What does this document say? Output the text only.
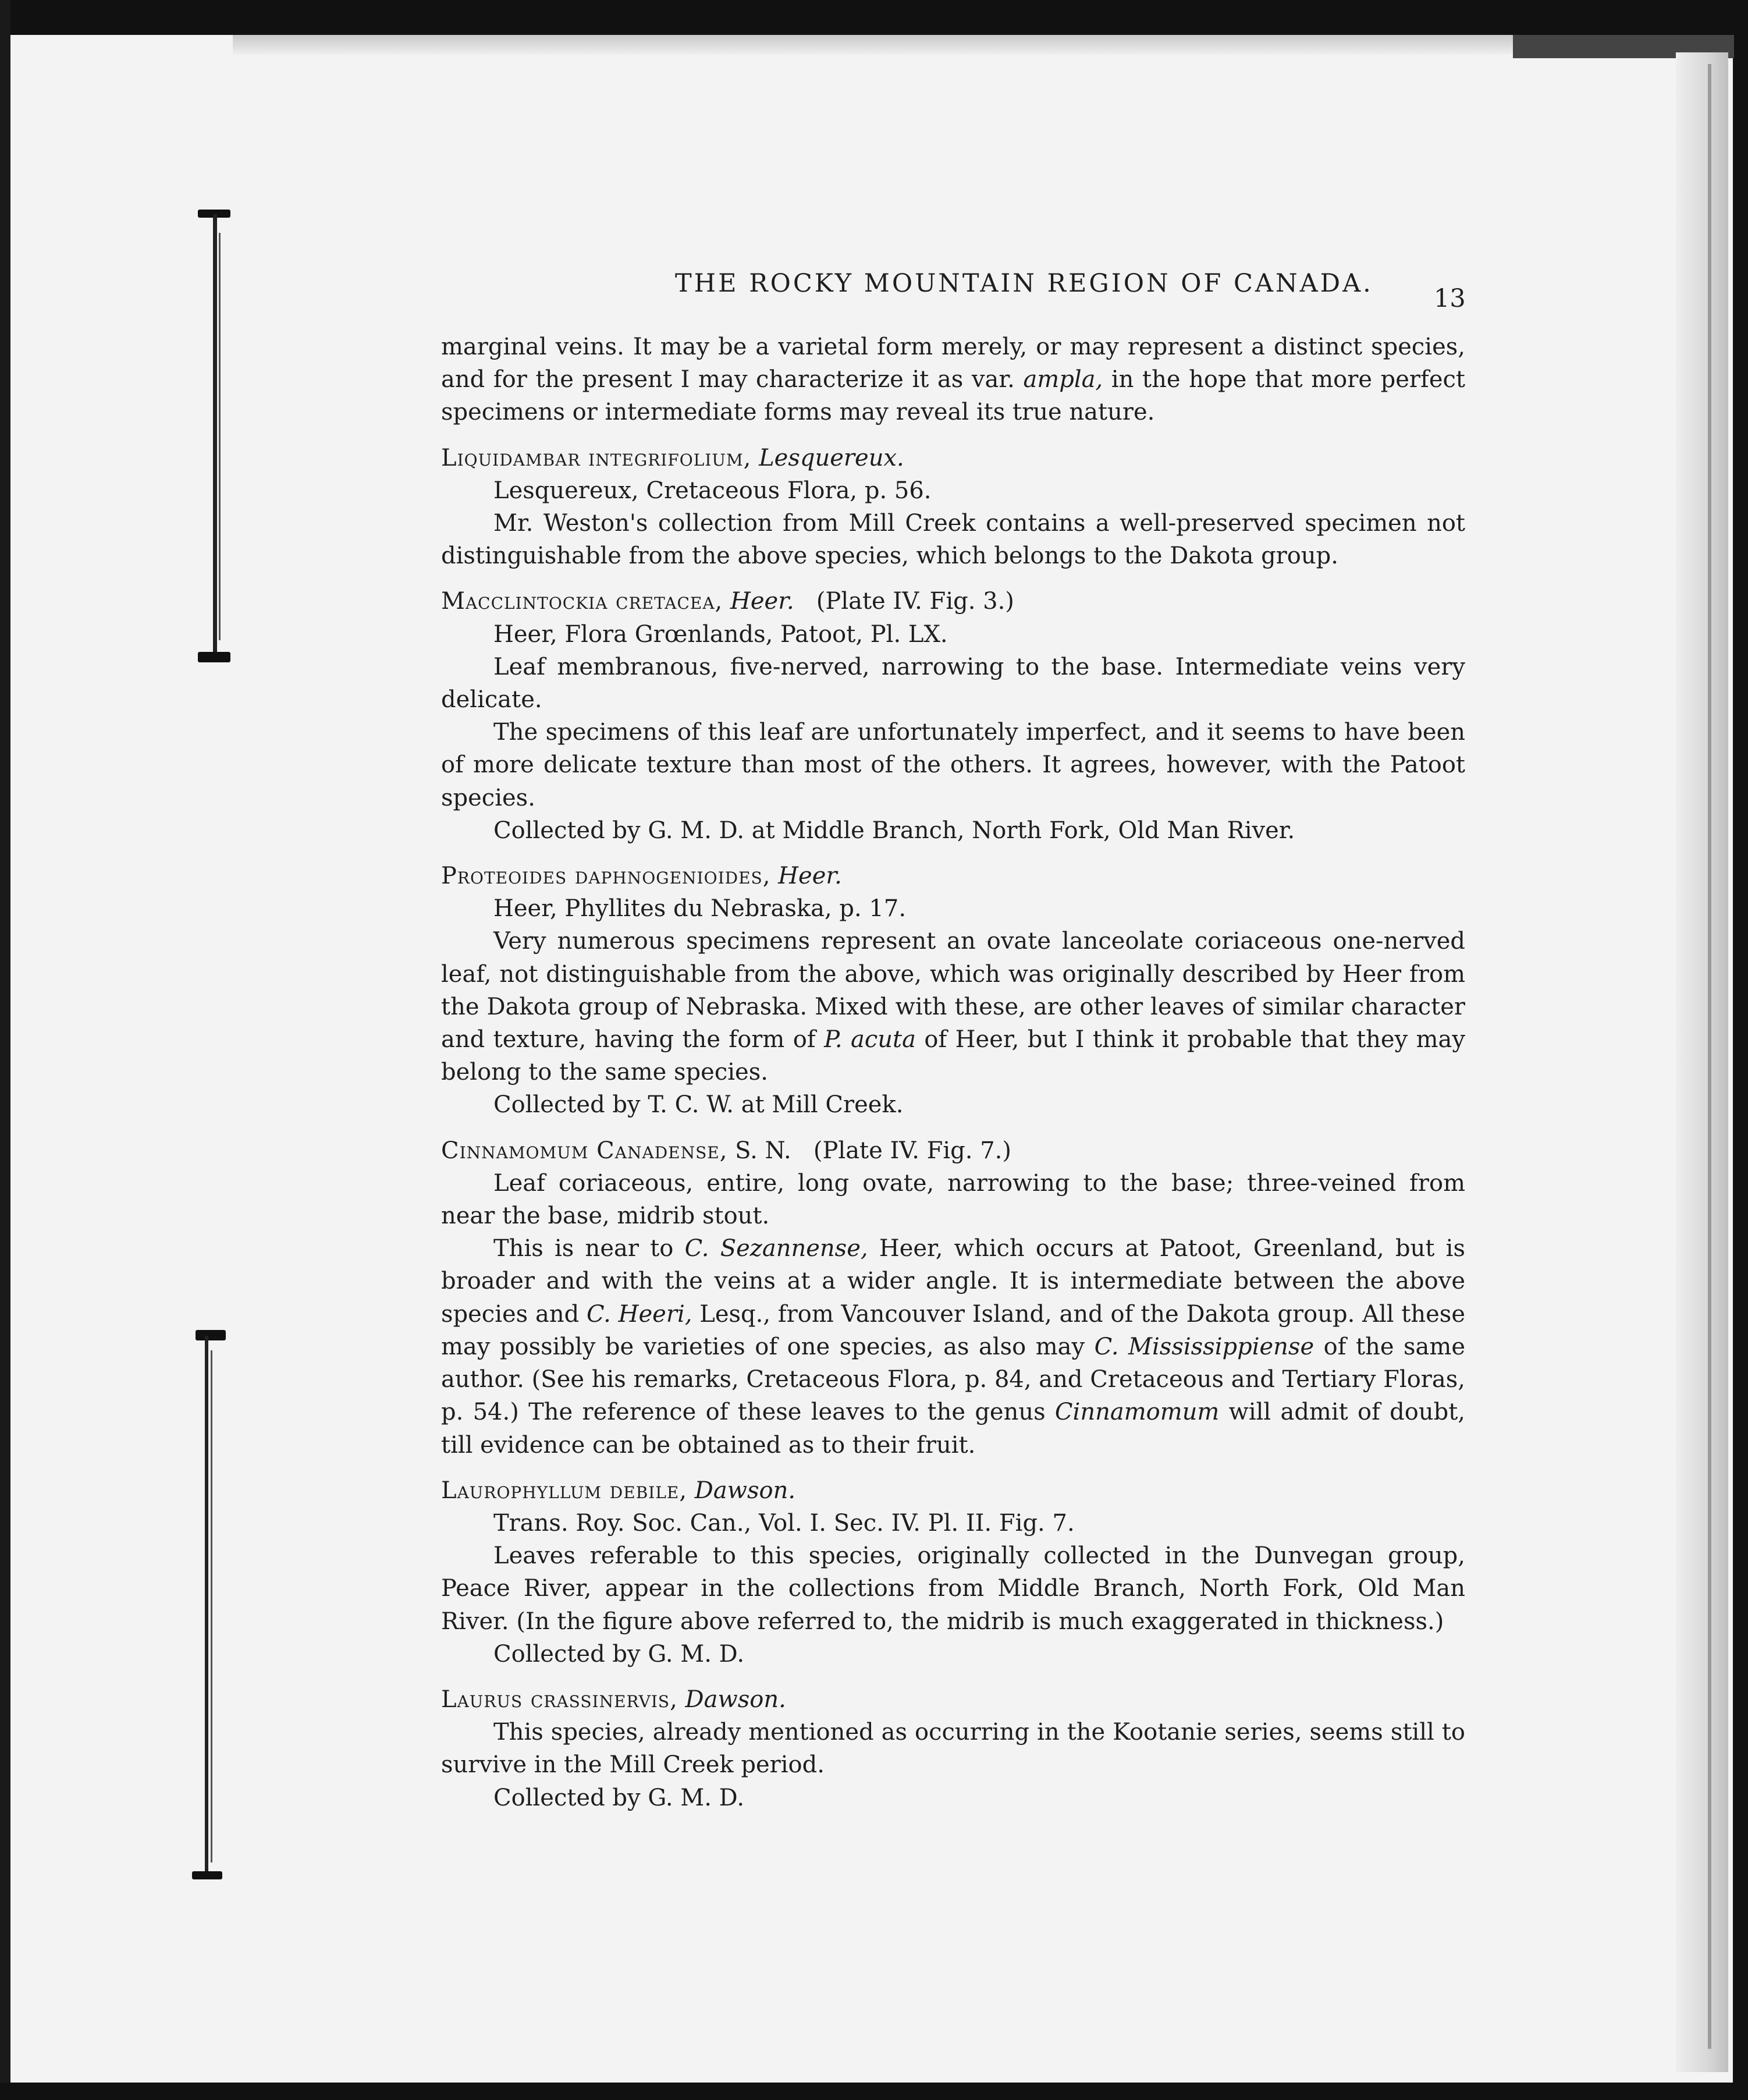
THE ROCKY MOUNTAIN REGION OF CANADA.
13

marginal veins. It may be a varietal form merely, or may represent a distinct species, and for the present I may characterize it as var. ampla, in the hope that more perfect specimens or intermediate forms may reveal its true nature.

Liquidambar integrifolium, Lesquereux.

Lesquereux, Cretaceous Flora, p. 56.

Mr. Weston's collection from Mill Creek contains a well-preserved specimen not distinguishable from the above species, which belongs to the Dakota group.

Macclintockia cretacea, Heer. (Plate IV. Fig. 3.)

Heer, Flora Grœnlands, Patoot, Pl. LX.

Leaf membranous, five-nerved, narrowing to the base. Intermediate veins very delicate.

The specimens of this leaf are unfortunately imperfect, and it seems to have been of more delicate texture than most of the others. It agrees, however, with the Patoot species.

Collected by G. M. D. at Middle Branch, North Fork, Old Man River.

Proteoides daphnogenioides, Heer.

Heer, Phyllites du Nebraska, p. 17.

Very numerous specimens represent an ovate lanceolate coriaceous one-nerved leaf, not distinguishable from the above, which was originally described by Heer from the Dakota group of Nebraska. Mixed with these, are other leaves of similar character and texture, having the form of P. acuta of Heer, but I think it probable that they may belong to the same species.

Collected by T. C. W. at Mill Creek.

Cinnamomum Canadense, S. N. (Plate IV. Fig. 7.)

Leaf coriaceous, entire, long ovate, narrowing to the base; three-veined from near the base, midrib stout.

This is near to C. Sezannense, Heer, which occurs at Patoot, Greenland, but is broader and with the veins at a wider angle. It is intermediate between the above species and C. Heeri, Lesq., from Vancouver Island, and of the Dakota group. All these may possibly be varieties of one species, as also may C. Mississippiense of the same author. (See his remarks, Cretaceous Flora, p. 84, and Cretaceous and Tertiary Floras, p. 54.) The reference of these leaves to the genus Cinnamomum will admit of doubt, till evidence can be obtained as to their fruit.

Laurophyllum debile, Dawson.

Trans. Roy. Soc. Can., Vol. I. Sec. IV. Pl. II. Fig. 7.

Leaves referable to this species, originally collected in the Dunvegan group, Peace River, appear in the collections from Middle Branch, North Fork, Old Man River. (In the figure above referred to, the midrib is much exaggerated in thickness.)

Collected by G. M. D.

Laurus crassinervis, Dawson.

This species, already mentioned as occurring in the Kootanie series, seems still to survive in the Mill Creek period.

Collected by G. M. D.
